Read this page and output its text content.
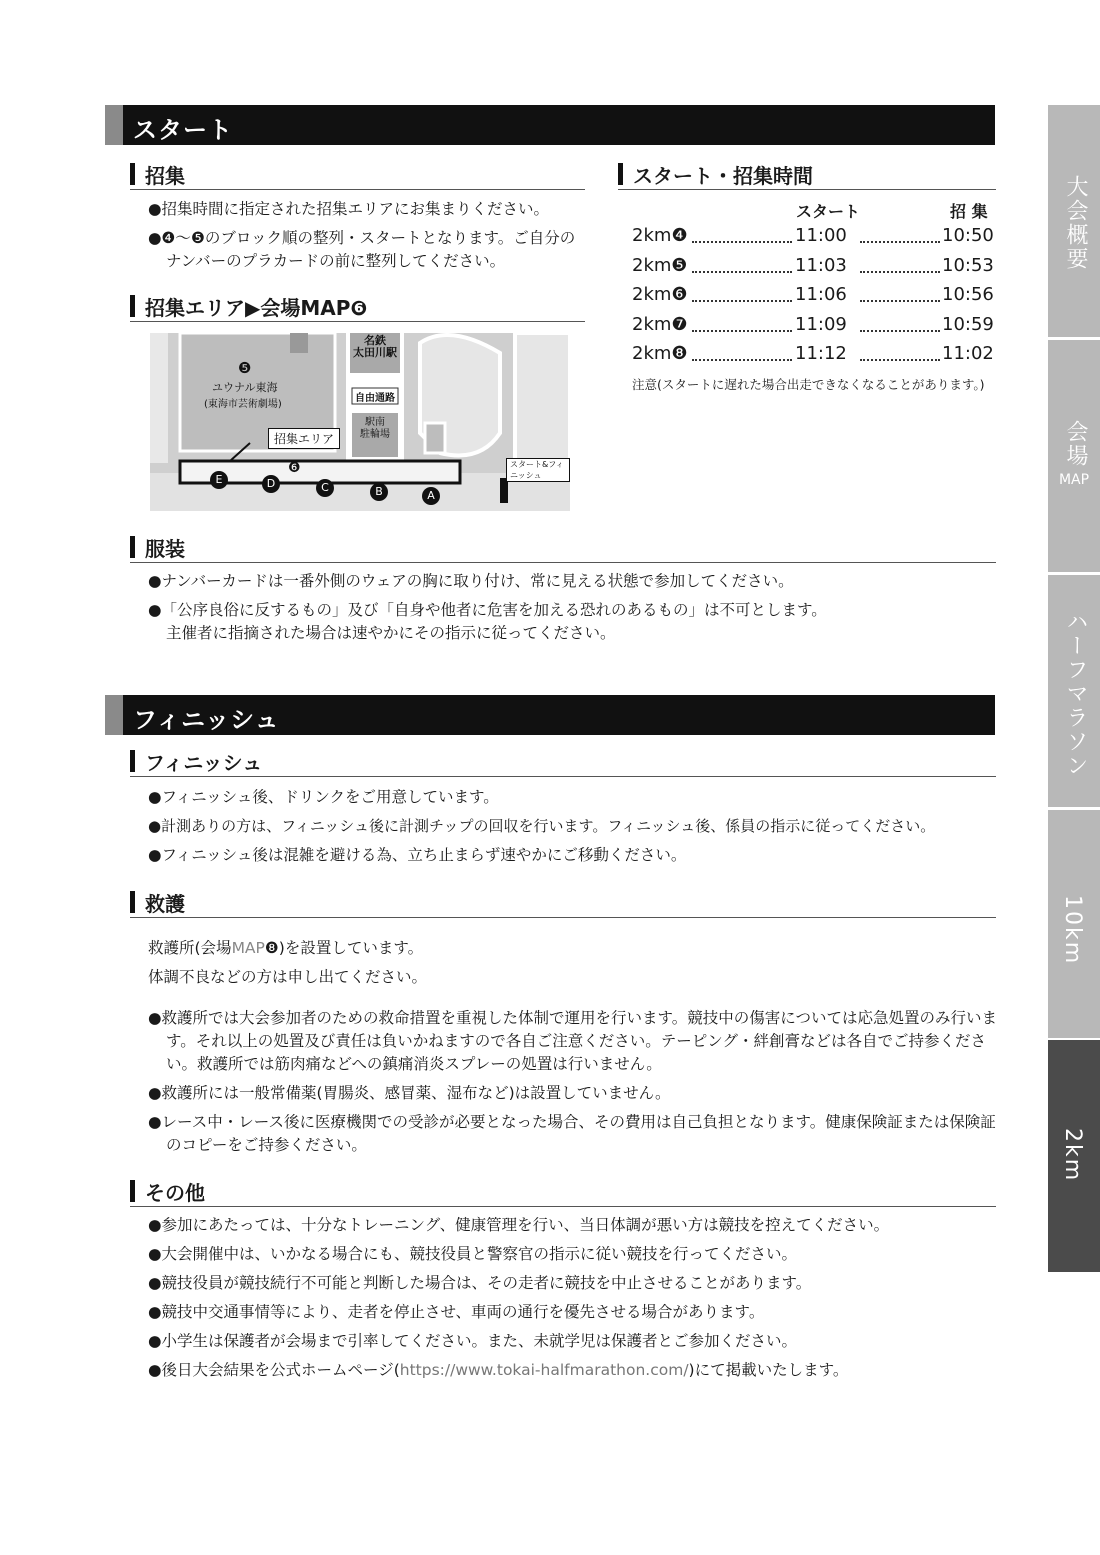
スタート
招集
●招集時間に指定された招集エリアにお集まりください。
●❹～❺のブロック順の整列・スタートとなります。ご自分のナンバーのプラカードの前に整列してください。
招集エリア▶会場MAP❻
名鉄
太田川駅
❺
ユウナル東海
(東海市芸術劇場)
自由通路
駅南
駐輪場
招集エリア
❻	スタート&フィニッシュ
E	D	C	B	A
スタート・招集時間
スタート	招 集
2km❹	11:00	10:50
2km❺	11:03	10:53
2km❻	11:06	10:56
2km❼	11:09	10:59
2km❽	11:12	11:02
注意(スタートに遅れた場合出走できなくなることがあります。)
服装
●ナンバーカードは一番外側のウェアの胸に取り付け、常に見える状態で参加してください。
●「公序良俗に反するもの」及び「自身や他者に危害を加える恐れのあるもの」は不可とします。
主催者に指摘された場合は速やかにその指示に従ってください。
フィニッシュ
フィニッシュ
●フィニッシュ後、ドリンクをご用意しています。
●計測ありの方は、フィニッシュ後に計測チップの回収を行います。フィニッシュ後、係員の指示に従ってください。
●フィニッシュ後は混雑を避ける為、立ち止まらず速やかにご移動ください。
救護
救護所(会場MAP❽)を設置しています。
体調不良などの方は申し出てください。
●救護所では大会参加者のための救命措置を重視した体制で運用を行います。競技中の傷害については応急処置のみ行います。それ以上の処置及び責任は負いかねますので各自ご注意ください。テーピング・絆創膏などは各自でご持参ください。救護所では筋肉痛などへの鎮痛消炎スプレーの処置は行いません。
●救護所には一般常備薬(胃腸炎、感冒薬、湿布など)は設置していません。
●レース中・レース後に医療機関での受診が必要となった場合、その費用は自己負担となります。健康保険証または保険証のコピーをご持参ください。
その他
●参加にあたっては、十分なトレーニング、健康管理を行い、当日体調が悪い方は競技を控えてください。
●大会開催中は、いかなる場合にも、競技役員と警察官の指示に従い競技を行ってください。
●競技役員が競技続行不可能と判断した場合は、その走者に競技を中止させることがあります。
●競技中交通事情等により、走者を停止させ、車両の通行を優先させる場合があります。
●小学生は保護者が会場まで引率してください。また、未就学児は保護者とご参加ください。
●後日大会結果を公式ホームページ(https://www.tokai-halfmarathon.com/)にて掲載いたします。
大会概要
会場
MAP
ハーフマラソン
10km
2km
